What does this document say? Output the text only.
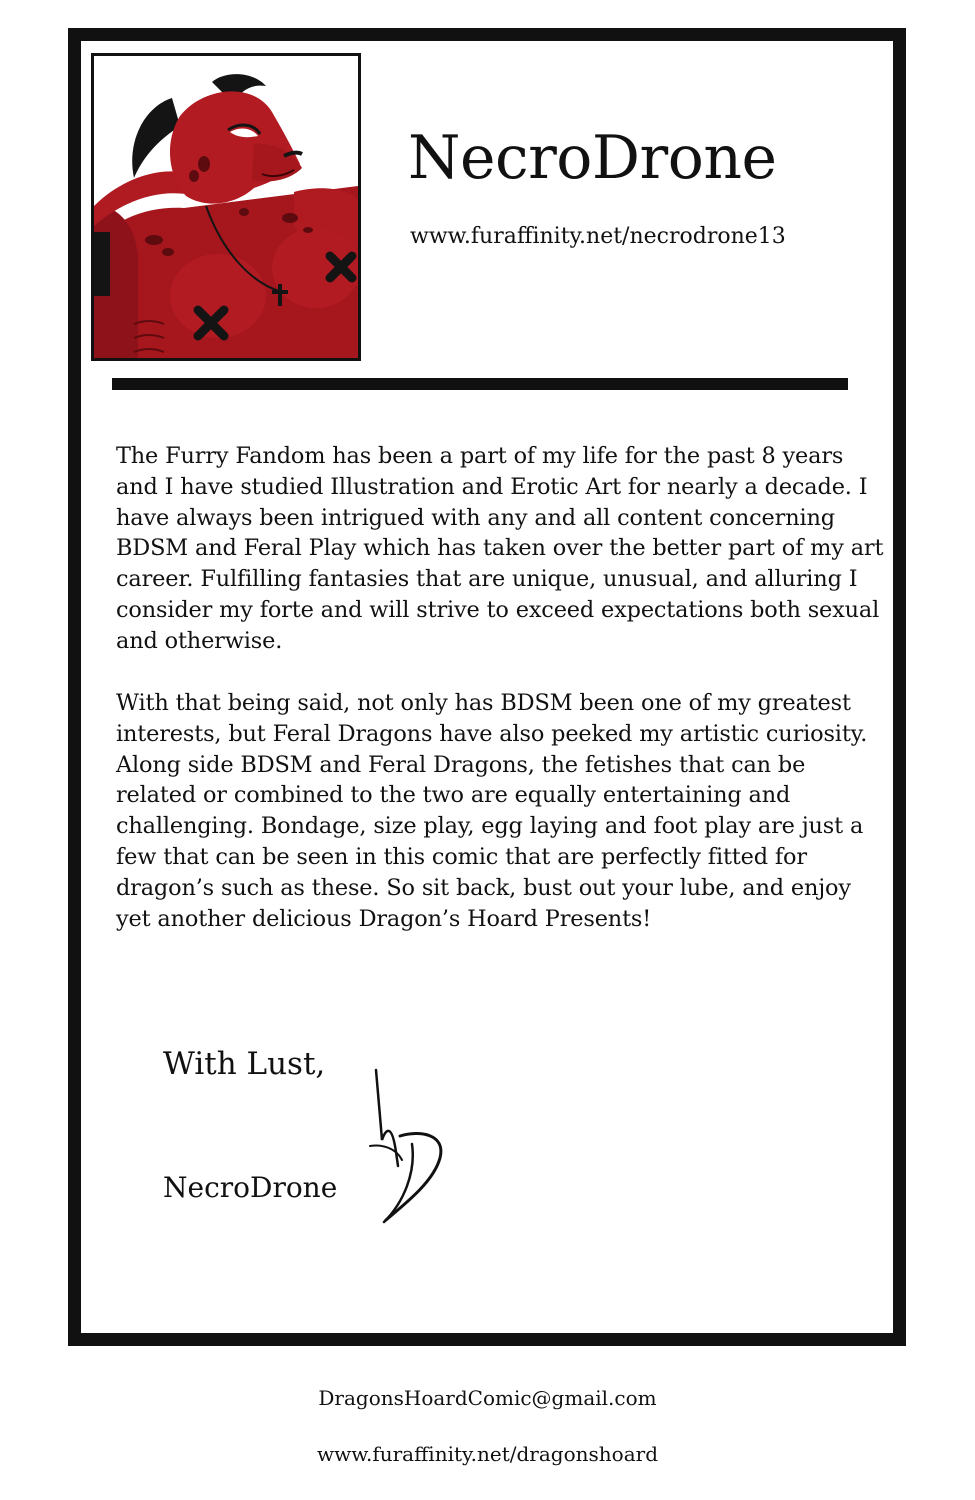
NecroDrone
www.furaffinity.net/necrodrone13

The Furry Fandom has been a part of my life for the past 8 years and I have studied Illustration and Erotic Art for nearly a decade. I have always been intrigued with any and all content concerning BDSM and Feral Play which has taken over the better part of my art career. Fulfilling fantasies that are unique, unusual, and alluring I consider my forte and will strive to exceed expectations both sexual and otherwise.

With that being said, not only has BDSM been one of my greatest interests, but Feral Dragons have also peeked my artistic curiosity. Along side BDSM and Feral Dragons, the fetishes that can be related or combined to the two are equally entertaining and challenging. Bondage, size play, egg laying and foot play are just a few that can be seen in this comic that are perfectly fitted for dragon’s such as these. So sit back, bust out your lube, and enjoy yet another delicious Dragon’s Hoard Presents!

With Lust,
NecroDrone
DragonsHoardComic@gmail.com
www.furaffinity.net/dragonshoard
